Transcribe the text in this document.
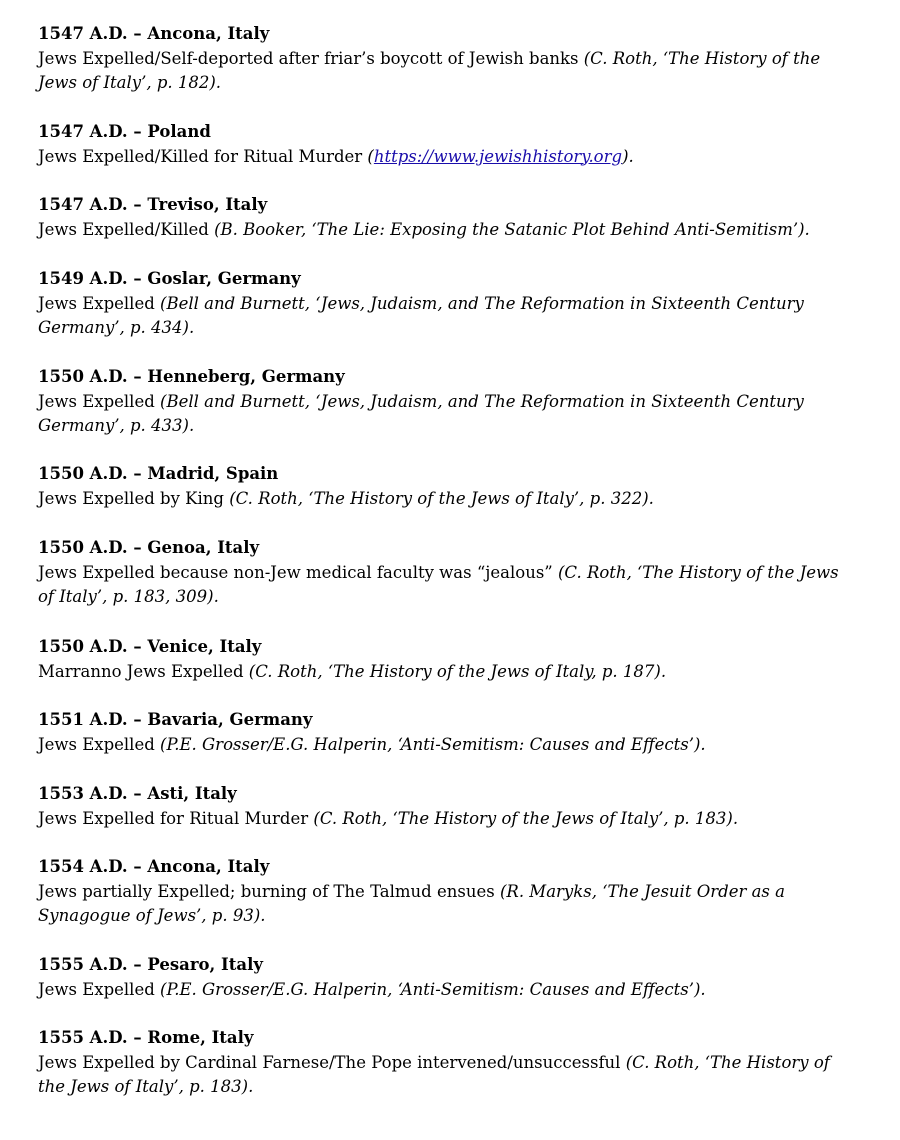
1547 A.D. – Ancona, Italy
Jews Expelled/Self-deported after friar’s boycott of Jewish banks (C. Roth, ‘The History of the Jews of Italy’, p. 182).
1547 A.D. – Poland
Jews Expelled/Killed for Ritual Murder (https://www.jewishhistory.org).
1547 A.D. – Treviso, Italy
Jews Expelled/Killed (B. Booker, ‘The Lie: Exposing the Satanic Plot Behind Anti-Semitism’).
1549 A.D. – Goslar, Germany
Jews Expelled (Bell and Burnett, ‘Jews, Judaism, and The Reformation in Sixteenth Century Germany’, p. 434).
1550 A.D. – Henneberg, Germany
Jews Expelled (Bell and Burnett, ‘Jews, Judaism, and The Reformation in Sixteenth Century Germany’, p. 433).
1550 A.D. – Madrid, Spain
Jews Expelled by King (C. Roth, ‘The History of the Jews of Italy’, p. 322).
1550 A.D. – Genoa, Italy
Jews Expelled because non-Jew medical faculty was “jealous” (C. Roth, ‘The History of the Jews of Italy’, p. 183, 309).
1550 A.D. – Venice, Italy
Marranno Jews Expelled (C. Roth, ‘The History of the Jews of Italy, p. 187).
1551 A.D. – Bavaria, Germany
Jews Expelled (P.E. Grosser/E.G. Halperin, ‘Anti-Semitism: Causes and Effects’).
1553 A.D. – Asti, Italy
Jews Expelled for Ritual Murder (C. Roth, ‘The History of the Jews of Italy’, p. 183).
1554 A.D. – Ancona, Italy
Jews partially Expelled; burning of The Talmud ensues (R. Maryks, ‘The Jesuit Order as a Synagogue of Jews’, p. 93).
1555 A.D. – Pesaro, Italy
Jews Expelled (P.E. Grosser/E.G. Halperin, ‘Anti-Semitism: Causes and Effects’).
1555 A.D. – Rome, Italy
Jews Expelled by Cardinal Farnese/The Pope intervened/unsuccessful (C. Roth, ‘The History of the Jews of Italy’, p. 183).
